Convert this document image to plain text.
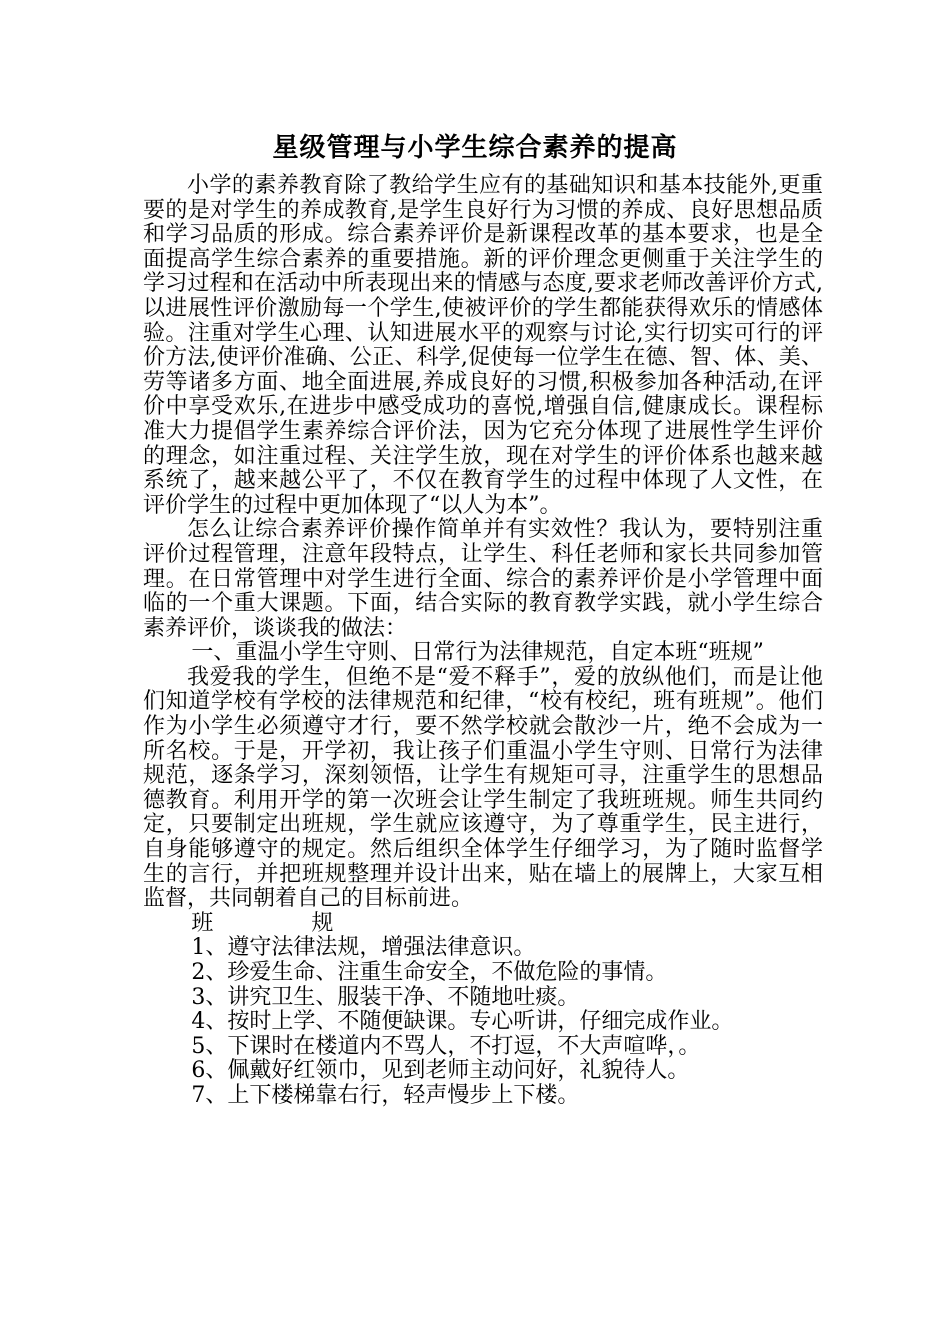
星级管理与小学生综合素养的提高

小学的素养教育除了教给学生应有的基础知识和基本技能外,更重要的是对学生的养成教育,是学生良好行为习惯的养成、良好思想品质和学习品质的形成。综合素养评价是新课程改革的基本要求，也是全面提高学生综合素养的重要措施。新的评价理念更侧重于关注学生的学习过程和在活动中所表现出来的情感与态度,要求老师改善评价方式,以进展性评价激励每一个学生,使被评价的学生都能获得欢乐的情感体验。注重对学生心理、认知进展水平的观察与讨论,实行切实可行的评价方法,使评价准确、公正、科学,促使每一位学生在德、智、体、美、劳等诸多方面、地全面进展,养成良好的习惯,积极参加各种活动,在评价中享受欢乐,在进步中感受成功的喜悦,增强自信,健康成长。课程标准大力提倡学生素养综合评价法，因为它充分体现了进展性学生评价的理念，如注重过程、关注学生放，现在对学生的评价体系也越来越系统了，越来越公平了，不仅在教育学生的过程中体现了人文性，在评价学生的过程中更加体现了“以人为本”。

怎么让综合素养评价操作简单并有实效性？我认为，要特别注重评价过程管理，注意年段特点，让学生、科任老师和家长共同参加管理。在日常管理中对学生进行全面、综合的素养评价是小学管理中面临的一个重大课题。下面，结合实际的教育教学实践，就小学生综合素养评价，谈谈我的做法：

一、重温小学生守则、日常行为法律规范，自定本班“班规”

我爱我的学生，但绝不是“爱不释手”，爱的放纵他们，而是让他们知道学校有学校的法律规范和纪律，“校有校纪，班有班规”。他们作为小学生必须遵守才行，要不然学校就会散沙一片，绝不会成为一所名校。于是，开学初，我让孩子们重温小学生守则、日常行为法律规范，逐条学习，深刻领悟，让学生有规矩可寻，注重学生的思想品德教育。利用开学的第一次班会让学生制定了我班班规。师生共同约定，只要制定出班规，学生就应该遵守，为了尊重学生，民主进行，自身能够遵守的规定。然后组织全体学生仔细学习，为了随时监督学生的言行，并把班规整理并设计出来，贴在墙上的展牌上，大家互相监督，共同朝着自己的目标前进。

班	规

1、遵守法律法规，增强法律意识。

2、珍爱生命、注重生命安全，不做危险的事情。

3、讲究卫生、服装干净、不随地吐痰。

4、按时上学、不随便缺课。专心听讲，仔细完成作业。

5、下课时在楼道内不骂人，不打逗，不大声喧哗，。

6、佩戴好红领巾，见到老师主动问好，礼貌待人。

7、上下楼梯靠右行，轻声慢步上下楼。
